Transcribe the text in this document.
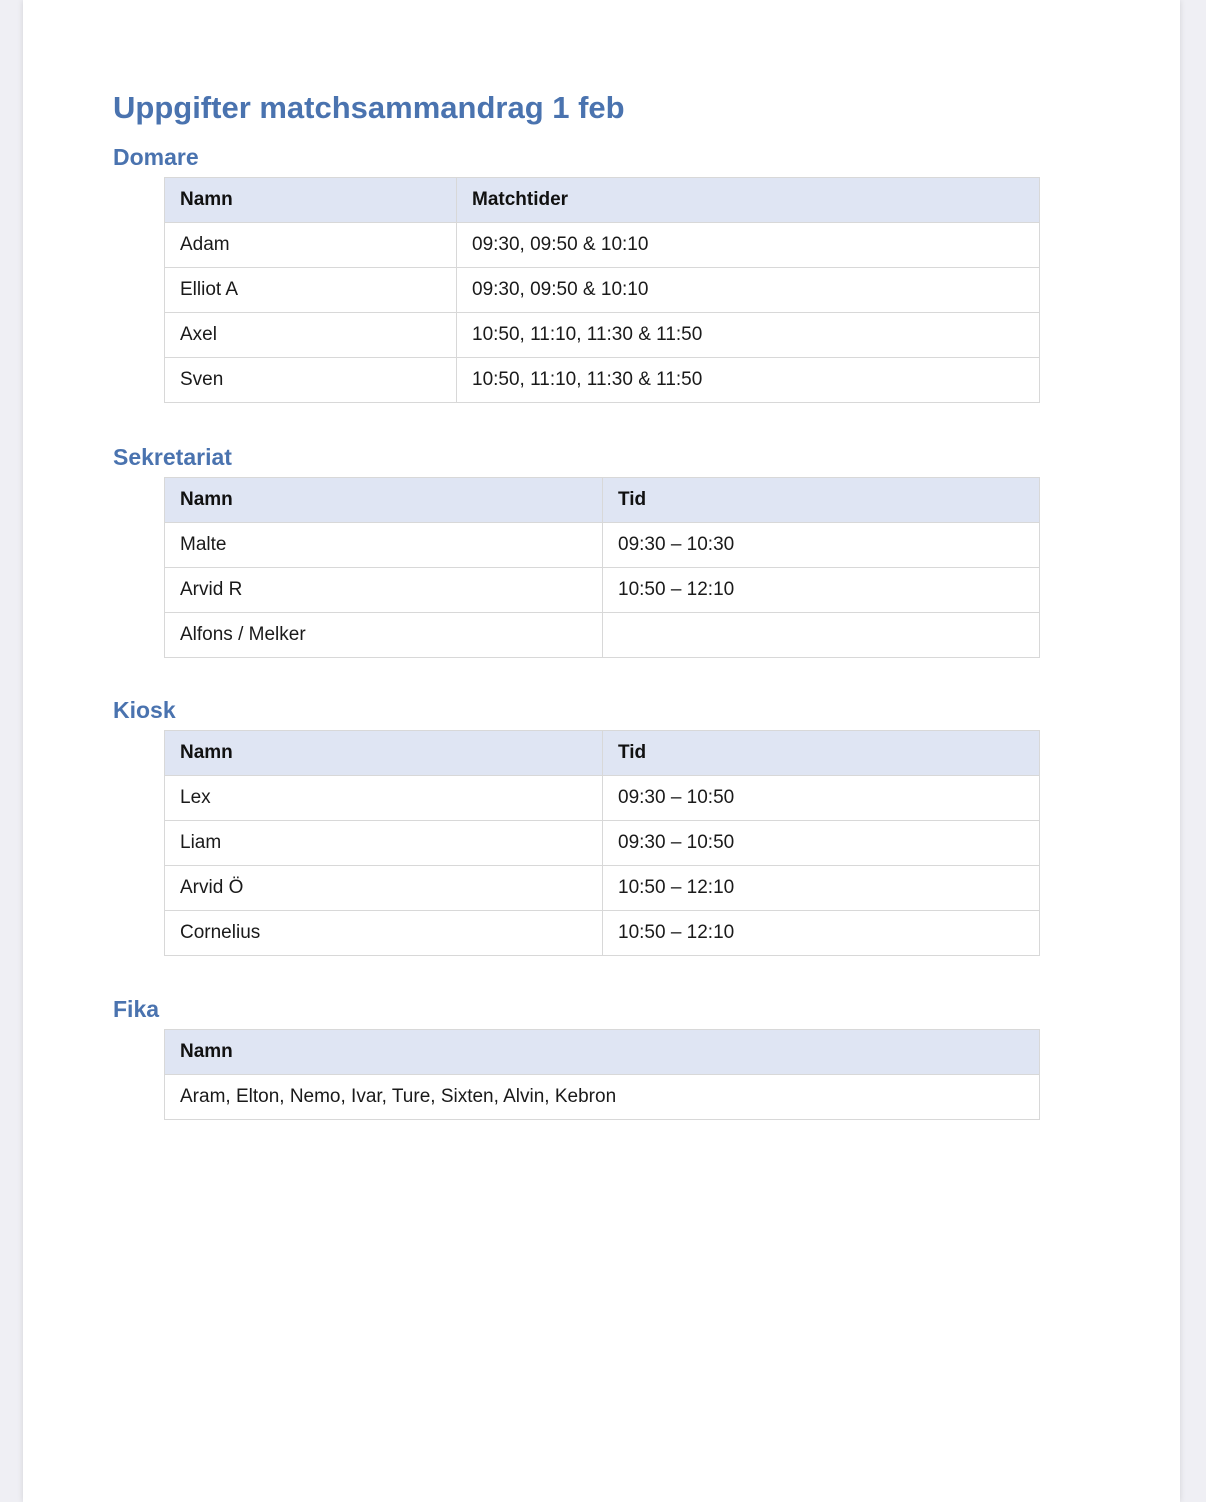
Uppgifter matchsammandrag 1 feb
Domare
Namn	Matchtider
Adam	09:30, 09:50 & 10:10
Elliot A	09:30, 09:50 & 10:10
Axel	10:50, 11:10, 11:30 & 11:50
Sven	10:50, 11:10, 11:30 & 11:50
Sekretariat
Namn	Tid
Malte	09:30 – 10:30
Arvid R	10:50 – 12:10
Alfons / Melker	
Kiosk
Namn	Tid
Lex	09:30 – 10:50
Liam	09:30 – 10:50
Arvid Ö	10:50 – 12:10
Cornelius	10:50 – 12:10
Fika
Namn
Aram, Elton, Nemo, Ivar, Ture, Sixten, Alvin, Kebron
